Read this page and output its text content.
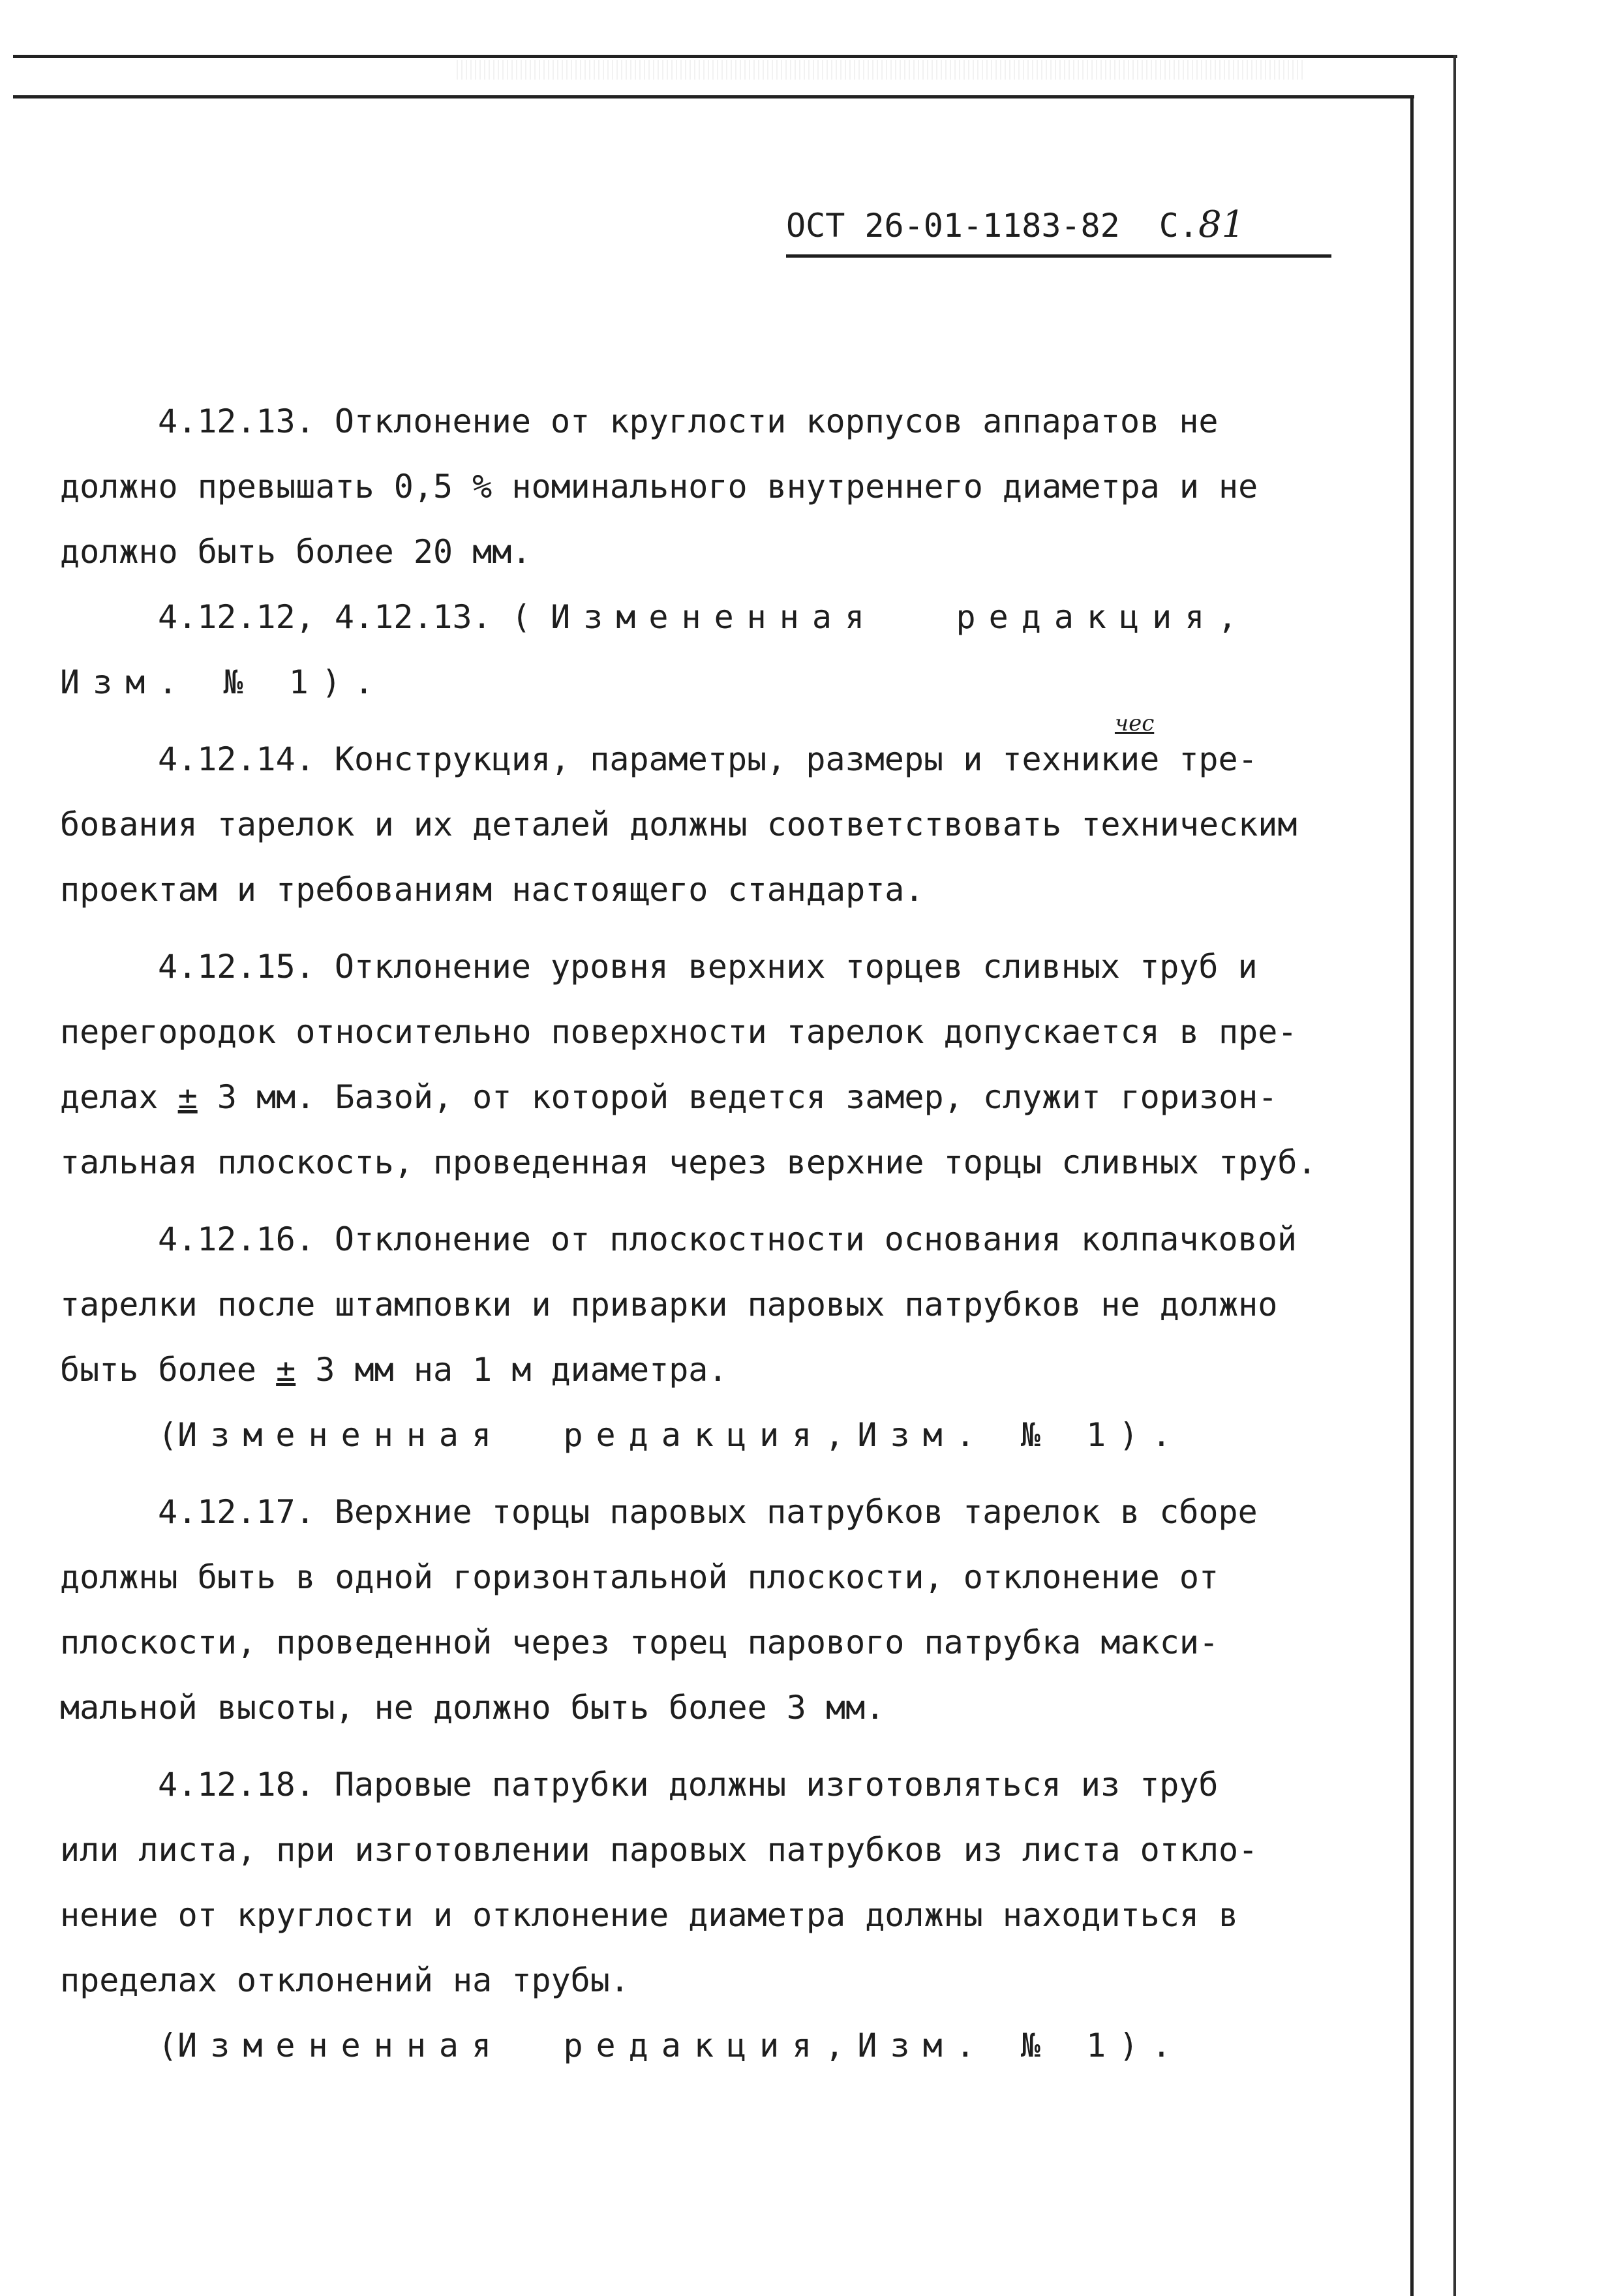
ОСТ 26-01-1183-82 С.81
4.12.13. Отклонение от круглости корпусов аппаратов не
должно превышать 0,5 % номинального внутреннего диаметра и не
должно быть более 20 мм.
4.12.12, 4.12.13. ( Измененная редакция,
Изм. № 1).
4.12.14. Конструкция, параметры, размеры и техни
чес
кие тре-
бования тарелок и их деталей должны соответствовать техническим
проектам и требованиям настоящего стандарта.
4.12.15. Отклонение уровня верхних торцев сливных труб и
перегородок относительно поверхности тарелок допускается в пре-
делах ± 3 мм. Базой, от которой ведется замер, служит горизон-
тальная плоскость, проведенная через верхние торцы сливных труб.
4.12.16. Отклонение от плоскостности основания колпачковой
тарелки после штамповки и приварки паровых патрубков не должно
быть более ± 3 мм на 1 м диаметра.
(Измененная редакция,Изм. № 1).
4.12.17. Верхние торцы паровых патрубков тарелок в сборе
должны быть в одной горизонтальной плоскости, отклонение от
плоскости, проведенной через торец парового патрубка макси-
мальной высоты, не должно быть более 3 мм.
4.12.18. Паровые патрубки должны изготовляться из труб
или листа, при изготовлении паровых патрубков из листа откло-
нение от круглости и отклонение диаметра должны находиться в
пределах отклонений на трубы.
(Измененная редакция,Изм. № 1).
